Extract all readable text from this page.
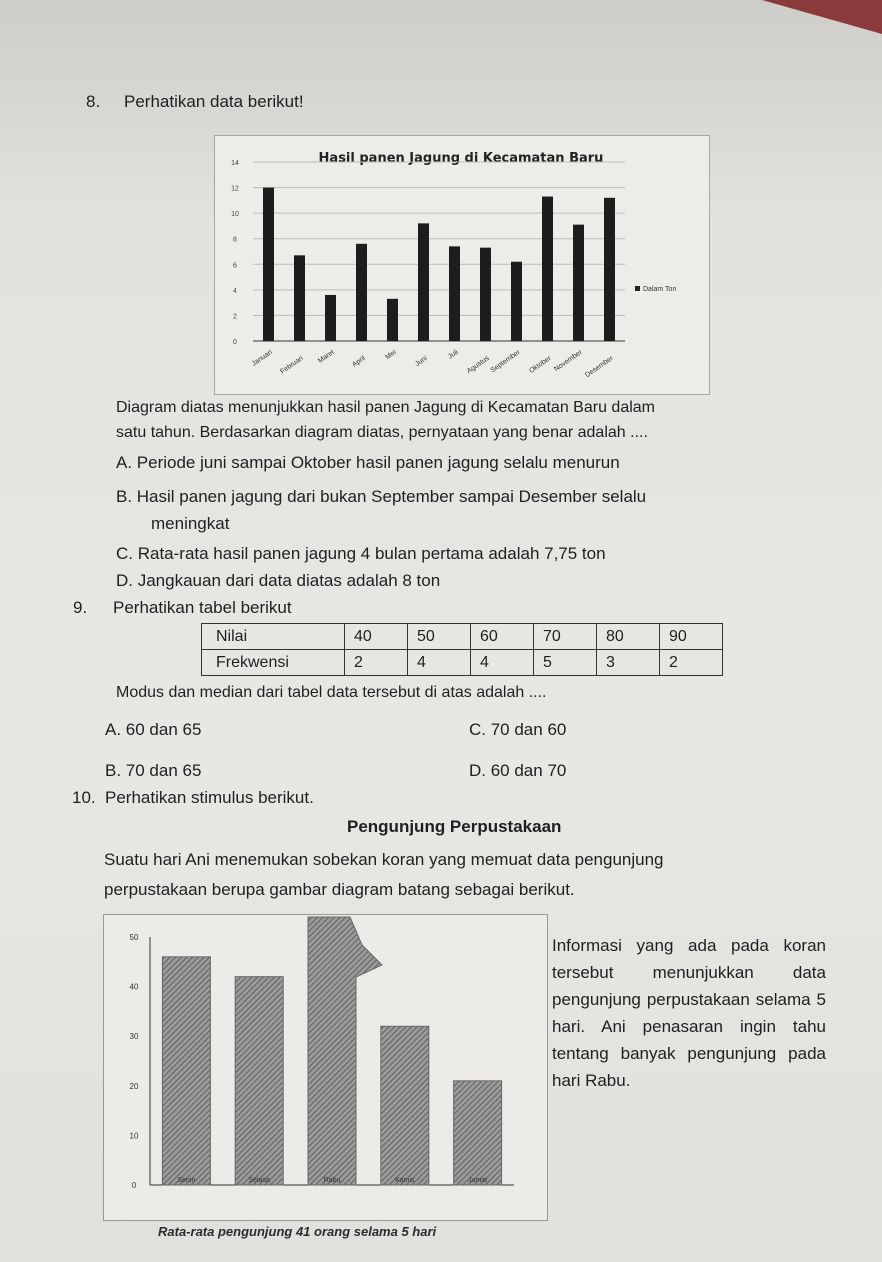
8. Perhatikan data berikut!
Hasil panen Jagung di Kecamatan Baru
0
2
4
6
8
10
12
14
Januari Februari Maret April	Mei Juni
Juli
Agustus
September Oktober November Desember
Dalam Ton
Diagram diatas menunjukkan hasil panen Jagung di Kecamatan Baru dalam
satu tahun. Berdasarkan diagram diatas, pernyataan yang benar adalah ....
A. Periode juni sampai Oktober hasil panen jagung selalu menurun
B. Hasil panen jagung dari bukan September sampai Desember selalu
meningkat
C. Rata-rata hasil panen jagung 4 bulan pertama adalah 7,75 ton
D. Jangkauan dari data diatas adalah 8 ton
9. Perhatikan tabel berikut
Nilai	40	50	60	70	80	90
Frekwensi	2	4	4	5	3	2
Modus dan median dari tabel data tersebut di atas adalah ....
A. 60 dan 65
B. 70 dan 65
C. 70 dan 60
D. 60 dan 70
10. Perhatikan stimulus berikut.
Pengunjung Perpustakaan
Suatu hari Ani menemukan sobekan koran yang memuat data pengunjung
perpustakaan berupa gambar diagram batang sebagai berikut.
0
10
20
30
40
50
Senin	Selasa	Rabu	Kamis	Jumat
Informasi yang ada pada koran tersebut menunjukkan data pengunjung perpustakaan selama 5 hari. Ani penasaran ingin tahu tentang banyak pengunjung pada hari Rabu.
Rata-rata pengunjung 41 orang selama 5 hari
